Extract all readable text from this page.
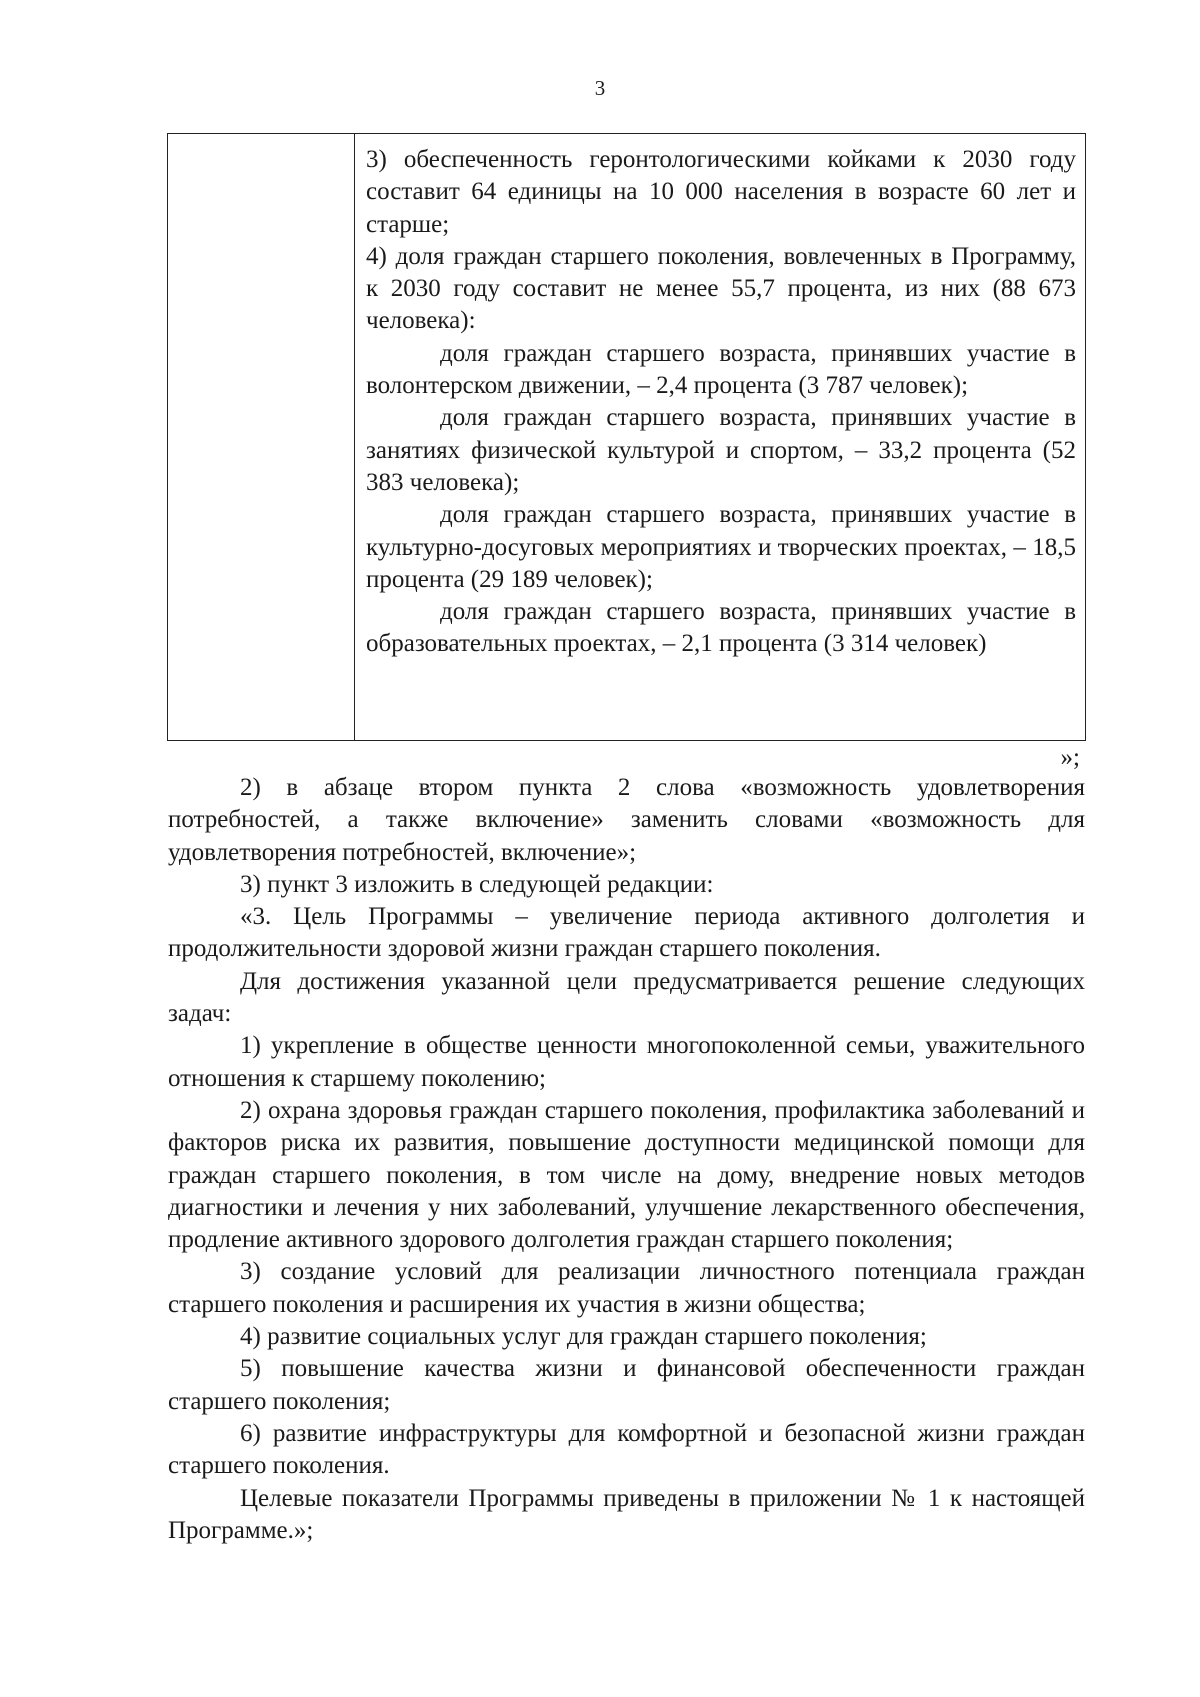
3

3) обеспеченность геронтологическими койками к 2030 году составит 64 единицы на 10 000 населения в возрасте 60 лет и старше;

4) доля граждан старшего поколения, вовлеченных в Программу, к 2030 году составит не менее 55,7 процента, из них (88 673 человека):

доля граждан старшего возраста, принявших участие в волонтерском движении, – 2,4 процента (3 787 человек);

доля граждан старшего возраста, принявших участие в занятиях физической культурой и спортом, – 33,2 процента (52 383 человека);

доля граждан старшего возраста, принявших участие в культурно-досуговых мероприятиях и творческих проектах, – 18,5 процента (29 189 человек);

доля граждан старшего возраста, принявших участие в образовательных проектах, – 2,1 процента (3 314 человек)

»;

2) в абзаце втором пункта 2 слова «возможность удовлетворения потребностей, а также включение» заменить словами «возможность для удовлетворения потребностей, включение»;

3) пункт 3 изложить в следующей редакции:

«3. Цель Программы – увеличение периода активного долголетия и продолжительности здоровой жизни граждан старшего поколения.

Для достижения указанной цели предусматривается решение следующих задач:

1) укрепление в обществе ценности многопоколенной семьи, уважительного отношения к старшему поколению;

2) охрана здоровья граждан старшего поколения, профилактика заболеваний и факторов риска их развития, повышение доступности медицинской помощи для граждан старшего поколения, в том числе на дому, внедрение новых методов диагностики и лечения у них заболеваний, улучшение лекарственного обеспечения, продление активного здорового долголетия граждан старшего поколения;

3) создание условий для реализации личностного потенциала граждан старшего поколения и расширения их участия в жизни общества;

4) развитие социальных услуг для граждан старшего поколения;

5) повышение качества жизни и финансовой обеспеченности граждан старшего поколения;

6) развитие инфраструктуры для комфортной и безопасной жизни граждан старшего поколения.

Целевые показатели Программы приведены в приложении № 1 к настоящей Программе.»;
